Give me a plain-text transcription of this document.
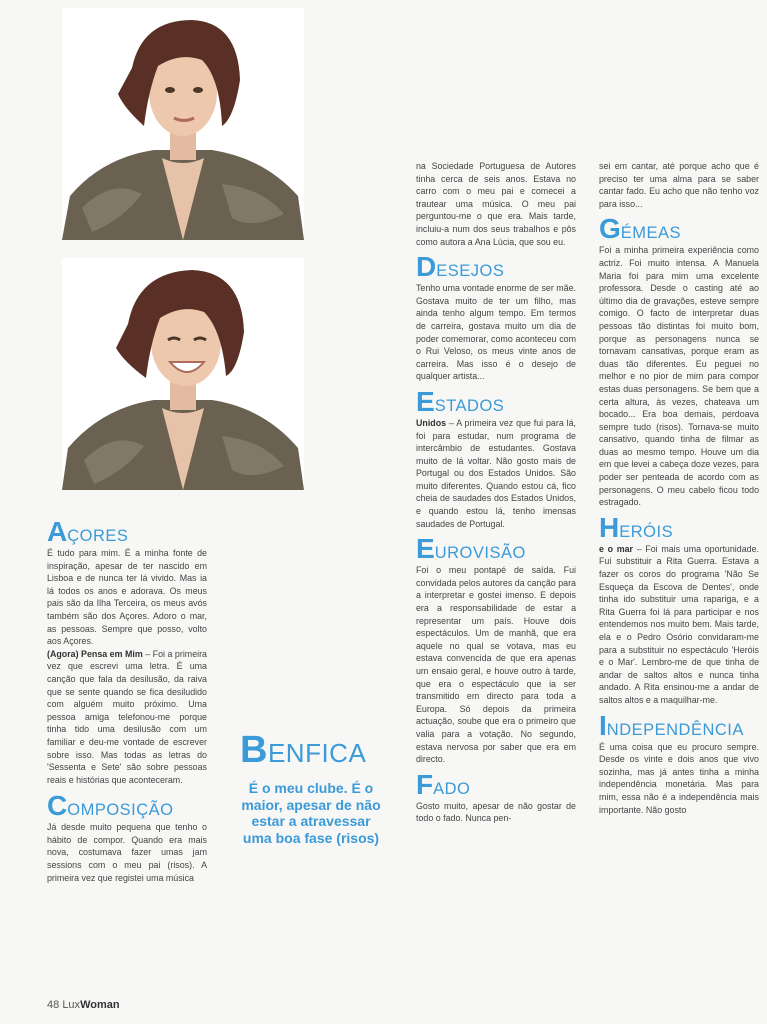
AÇORES

É tudo para mim. É a minha fonte de inspiração, apesar de ter nascido em Lisboa e de nunca ter lá vivido. Mas ia lá todos os anos e adorava. Os meus pais são da Ilha Terceira, os meus avós também são dos Açores. Adoro o mar, as pessoas. Sempre que posso, volto aos Açores.

(Agora) Pensa em Mim – Foi a primeira vez que escrevi uma letra. É uma canção que fala da desilusão, da raiva que se sente quando se fica desiludido com alguém muito próximo. Uma pessoa amiga telefonou-me porque tinha tido uma desilusão com um familiar e deu-me vontade de escrever sobre isso. Mas todas as letras do 'Sessenta e Sete' são sobre pessoas reais e histórias que aconteceram.

COMPOSIÇÃO

Já desde muito pequena que tenho o hábito de compor. Quando era mais nova, costumava fazer umas jam sessions com o meu pai (risos). A primeira vez que registei uma música

BENFICA
É o meu clube. É o maior, apesar de não estar a atravessar uma boa fase (risos)

na Sociedade Portuguesa de Autores tinha cerca de seis anos. Estava no carro com o meu pai e comecei a trautear uma música. O meu pai perguntou-me o que era. Mais tarde, incluiu-a num dos seus trabalhos e pôs como autora a Ana Lúcia, que sou eu.

DESEJOS

Tenho uma vontade enorme de ser mãe. Gostava muito de ter um filho, mas ainda tenho algum tempo. Em termos de carreira, gostava muito um dia de poder comemorar, como aconteceu com o Rui Veloso, os meus vinte anos de carreira. Mas isso é o desejo de qualquer artista...

ESTADOS

Unidos – A primeira vez que fui para lá, foi para estudar, num programa de intercâmbio de estudantes. Gostava muito de lá voltar. Não gosto mais de Portugal ou dos Estados Unidos. São muito diferentes. Quando estou cá, fico cheia de saudades dos Estados Unidos, e quando estou lá, tenho imensas saudades de Portugal.

EUROVISÃO

Foi o meu pontapé de saída. Fui convidada pelos autores da canção para a interpretar e gostei imenso. E depois era a responsabilidade de estar a representar um país. Houve dois espectáculos. Um de manhã, que era aquele no qual se votava, mas eu estava convencida de que era apenas um ensaio geral, e houve outro à tarde, que era o espectáculo que ia ser transmitido em directo para toda a Europa. Só depois da primeira actuação, soube que era o primeiro que valia para a votação. No segundo, estava nervosa por saber que era em directo.

FADO

Gosto muito, apesar de não gostar de todo o fado. Nunca pen-

sei em cantar, até porque acho que é preciso ter uma alma para se saber cantar fado. Eu acho que não tenho voz para isso...

GÉMEAS

Foi a minha primeira experiência como actriz. Foi muito intensa. A Manuela Maria foi para mim uma excelente professora. Desde o casting até ao último dia de gravações, esteve sempre comigo. O facto de interpretar duas pessoas tão distintas foi muito bom, porque as personagens nunca se tornavam cansativas, porque eram as duas tão diferentes. Eu peguei no melhor e no pior de mim para compor estas duas personagens. Se bem que a certa altura, às vezes, chateava um bocado... Era boa demais, perdoava sempre tudo (risos). Tornava-se muito cansativo, quando tinha de filmar as duas ao mesmo tempo. Houve um dia em que levei a cabeça doze vezes, para poder ser penteada de acordo com as personagens. O meu cabelo ficou todo estragado.

HERÓIS

e o mar – Foi mais uma oportunidade. Fui substituir a Rita Guerra. Estava a fazer os coros do programa 'Não Se Esqueça da Escova de Dentes', onde tinha ido substituir uma rapariga, e a Rita Guerra foi lá para participar e nos entendemos nos muito bem. Mais tarde, ela e o Pedro Osório convidaram-me para a substituir no espectáculo 'Heróis e o Mar'. Lembro-me de que tinha de andar de saltos altos e nunca tinha andado. A Rita ensinou-me a andar de saltos altos e a maquilhar-me.

INDEPENDÊNCIA

É uma coisa que eu procuro sempre. Desde os vinte e dois anos que vivo sozinha, mas já antes tinha a minha independência monetária. Mas para mim, essa não é a independência mais importante. Não gosto

48 LuxWoman
